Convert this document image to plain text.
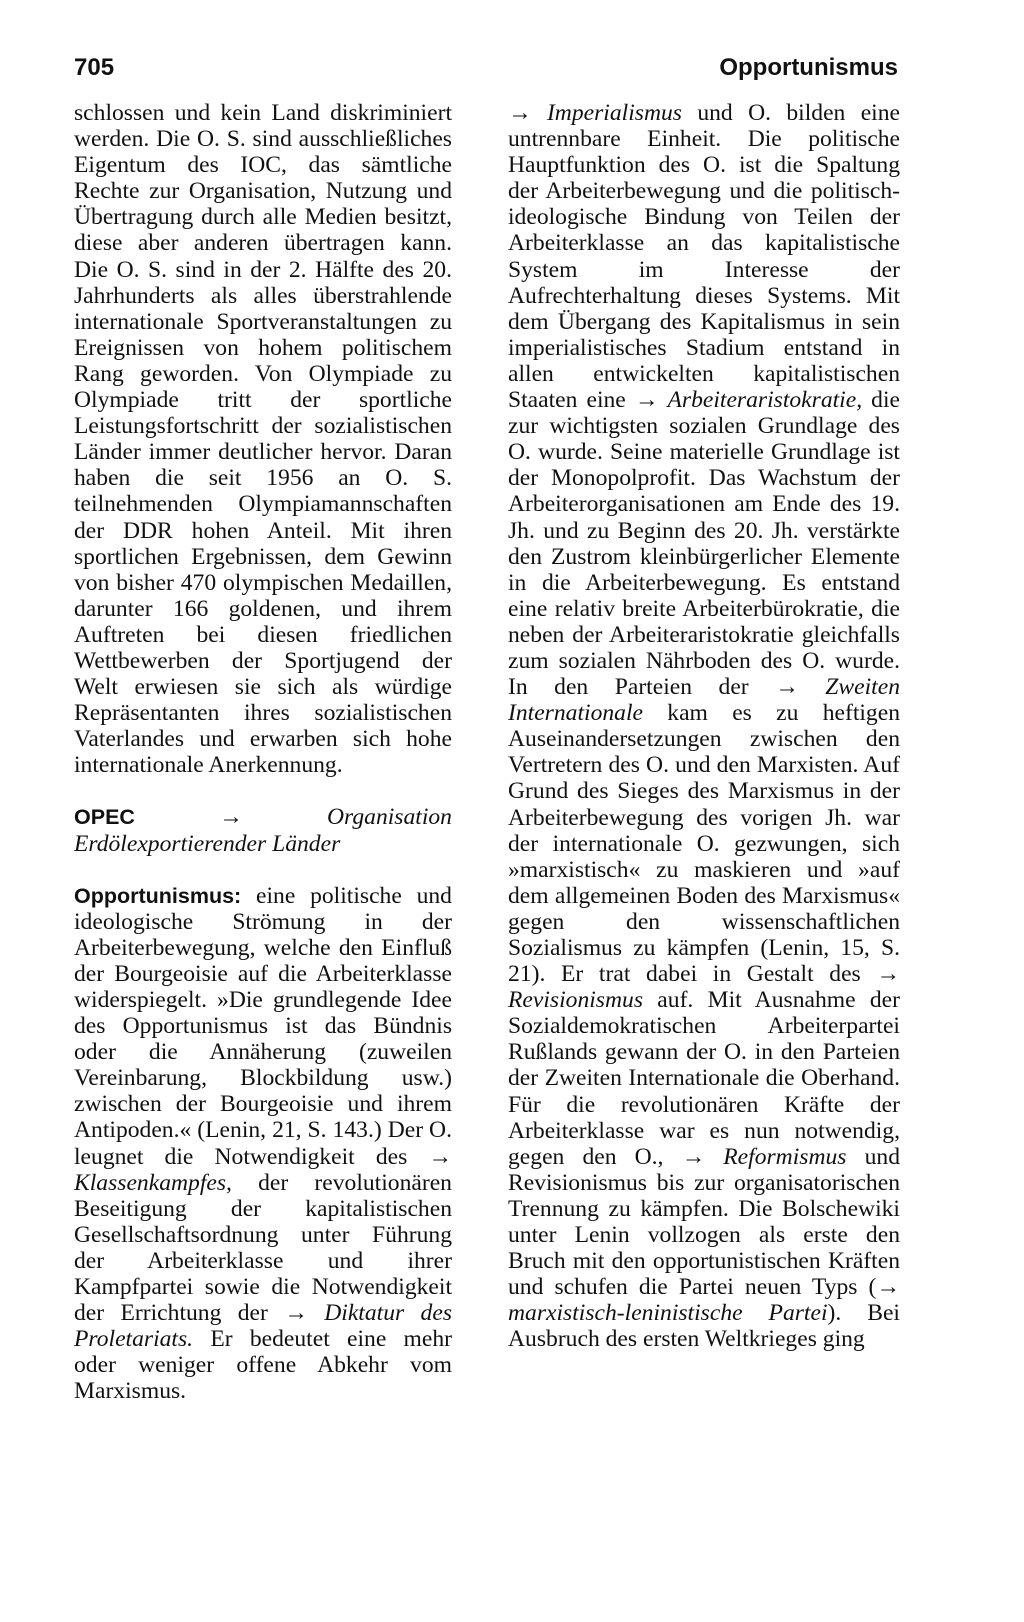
705	Opportunismus

schlossen und kein Land diskriminiert werden. Die O. S. sind ausschließliches Eigentum des IOC, das sämtliche Rechte zur Organisation, Nutzung und Übertragung durch alle Medien besitzt, diese aber anderen übertragen kann. Die O. S. sind in der 2. Hälfte des 20. Jahrhunderts als alles überstrahlende internationale Sportveranstaltungen zu Ereignissen von hohem politischem Rang geworden. Von Olympiade zu Olympiade tritt der sportliche Leistungsfortschritt der sozialistischen Länder immer deutlicher hervor. Daran haben die seit 1956 an O. S. teilnehmenden Olympiamannschaften der DDR hohen Anteil. Mit ihren sportlichen Ergebnissen, dem Gewinn von bisher 470 olympischen Medaillen, darunter 166 goldenen, und ihrem Auftreten bei diesen friedlichen Wettbewerben der Sportjugend der Welt erwiesen sie sich als würdige Repräsentanten ihres sozialistischen Vaterlandes und erwarben sich hohe internationale Anerkennung.

OPEC	→	Organisation Erdölexportierender Länder

Opportunismus: eine politische und ideologische Strömung in der Arbeiterbewegung, welche den Einfluß der Bourgeoisie auf die Arbeiterklasse widerspiegelt. »Die grundlegende Idee des Opportunismus ist das Bündnis oder die Annäherung (zuweilen Vereinbarung, Blockbildung usw.) zwischen der Bourgeoisie und ihrem Antipoden.« (Lenin, 21, S. 143.) Der O. leugnet die Notwendigkeit des → Klassenkampfes, der revolutionären Beseitigung der kapitalistischen Gesellschaftsordnung unter Führung der Arbeiterklasse und ihrer Kampfpartei sowie die Notwendigkeit der Errichtung der → Diktatur des Proletariats. Er bedeutet eine mehr oder weniger offene Abkehr vom Marxismus.

→ Imperialismus und O. bilden eine untrennbare Einheit. Die politische Hauptfunktion des O. ist die Spaltung der Arbeiterbewegung und die politisch-ideologische Bindung von Teilen der Arbeiterklasse an das kapitalistische System im Interesse der Aufrechterhaltung dieses Systems. Mit dem Übergang des Kapitalismus in sein imperialistisches Stadium entstand in allen entwickelten kapitalistischen Staaten eine → Arbeiteraristokratie, die zur wichtigsten sozialen Grundlage des O. wurde. Seine materielle Grundlage ist der Monopolprofit. Das Wachstum der Arbeiterorganisationen am Ende des 19. Jh. und zu Beginn des 20. Jh. verstärkte den Zustrom kleinbürgerlicher Elemente in die Arbeiterbewegung. Es entstand eine relativ breite Arbeiterbürokratie, die neben der Arbeiteraristokratie gleichfalls zum sozialen Nährboden des O. wurde. In den Parteien der → Zweiten Internationale kam es zu heftigen Auseinandersetzungen zwischen den Vertretern des O. und den Marxisten. Auf Grund des Sieges des Marxismus in der Arbeiterbewegung des vorigen Jh. war der internationale O. gezwungen, sich »marxistisch« zu maskieren und »auf dem allgemeinen Boden des Marxismus« gegen den wissenschaftlichen Sozialismus zu kämpfen (Lenin, 15, S. 21). Er trat dabei in Gestalt des → Revisionismus auf. Mit Ausnahme der Sozialdemokratischen Arbeiterpartei Rußlands gewann der O. in den Parteien der Zweiten Internationale die Oberhand. Für die revolutionären Kräfte der Arbeiterklasse war es nun notwendig, gegen den O., → Reformismus und Revisionismus bis zur organisatorischen Trennung zu kämpfen. Die Bolschewiki unter Lenin vollzogen als erste den Bruch mit den opportunistischen Kräften und schufen die Partei neuen Typs (→ marxistisch-leninistische Partei). Bei Ausbruch des ersten Weltkrieges ging
